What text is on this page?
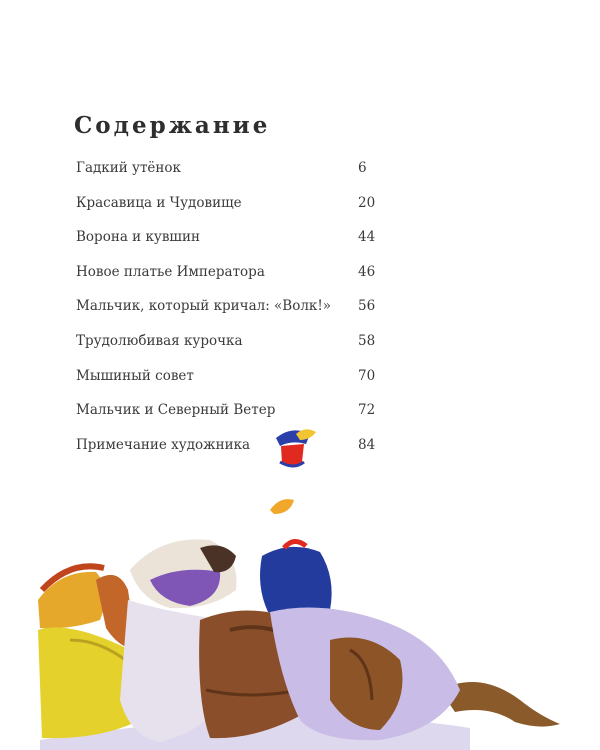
Содержание
Гадкий утёнок	6
Красавица и Чудовище	20
Ворона и кувшин	44
Новое платье Императора	46
Мальчик, который кричал: «Волк!» 56
Трудолюбивая курочка	58
Мышиный совет	70
Мальчик и Северный Ветер	72
Примечание художника	84
